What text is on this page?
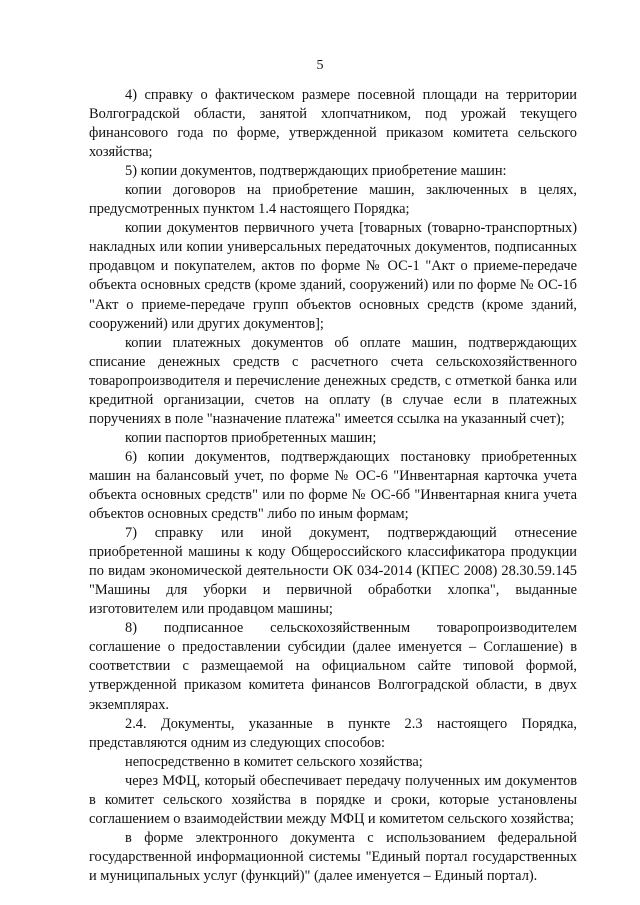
5

4) справку о фактическом размере посевной площади на территории Волгоградской области, занятой хлопчатником, под урожай текущего финансового года по форме, утвержденной приказом комитета сельского хозяйства;

5) копии документов, подтверждающих приобретение машин:

копии договоров на приобретение машин, заключенных в целях, предусмотренных пунктом 1.4 настоящего Порядка;

копии документов первичного учета [товарных (товарно-транспортных) накладных или копии универсальных передаточных документов, подписанных продавцом и покупателем, актов по форме № ОС-1 "Акт о приеме-передаче объекта основных средств (кроме зданий, сооружений) или по форме № ОС-1б "Акт о приеме-передаче групп объектов основных средств (кроме зданий, сооружений) или других документов];

копии платежных документов об оплате машин, подтверждающих списание денежных средств с расчетного счета сельскохозяйственного товаропроизводителя и перечисление денежных средств, с отметкой банка или кредитной организации, счетов на оплату (в случае если в платежных поручениях в поле "назначение платежа" имеется ссылка на указанный счет);

копии паспортов приобретенных машин;

6) копии документов, подтверждающих постановку приобретенных машин на балансовый учет, по форме № ОС-6 "Инвентарная карточка учета объекта основных средств" или по форме № ОС-6б "Инвентарная книга учета объектов основных средств" либо по иным формам;

7) справку или иной документ, подтверждающий отнесение приобретенной машины к коду Общероссийского классификатора продукции по видам экономической деятельности ОК 034-2014 (КПЕС 2008) 28.30.59.145 "Машины для уборки и первичной обработки хлопка", выданные изготовителем или продавцом машины;

8) подписанное сельскохозяйственным товаропроизводителем соглашение о предоставлении субсидии (далее именуется – Соглашение) в соответствии с размещаемой на официальном сайте типовой формой, утвержденной приказом комитета финансов Волгоградской области, в двух экземплярах.

2.4. Документы, указанные в пункте 2.3 настоящего Порядка, представляются одним из следующих способов:

непосредственно в комитет сельского хозяйства;

через МФЦ, который обеспечивает передачу полученных им документов в комитет сельского хозяйства в порядке и сроки, которые установлены соглашением о взаимодействии между МФЦ и комитетом сельского хозяйства;

в форме электронного документа с использованием федеральной государственной информационной системы "Единый портал государственных и муниципальных услуг (функций)" (далее именуется – Единый портал).
